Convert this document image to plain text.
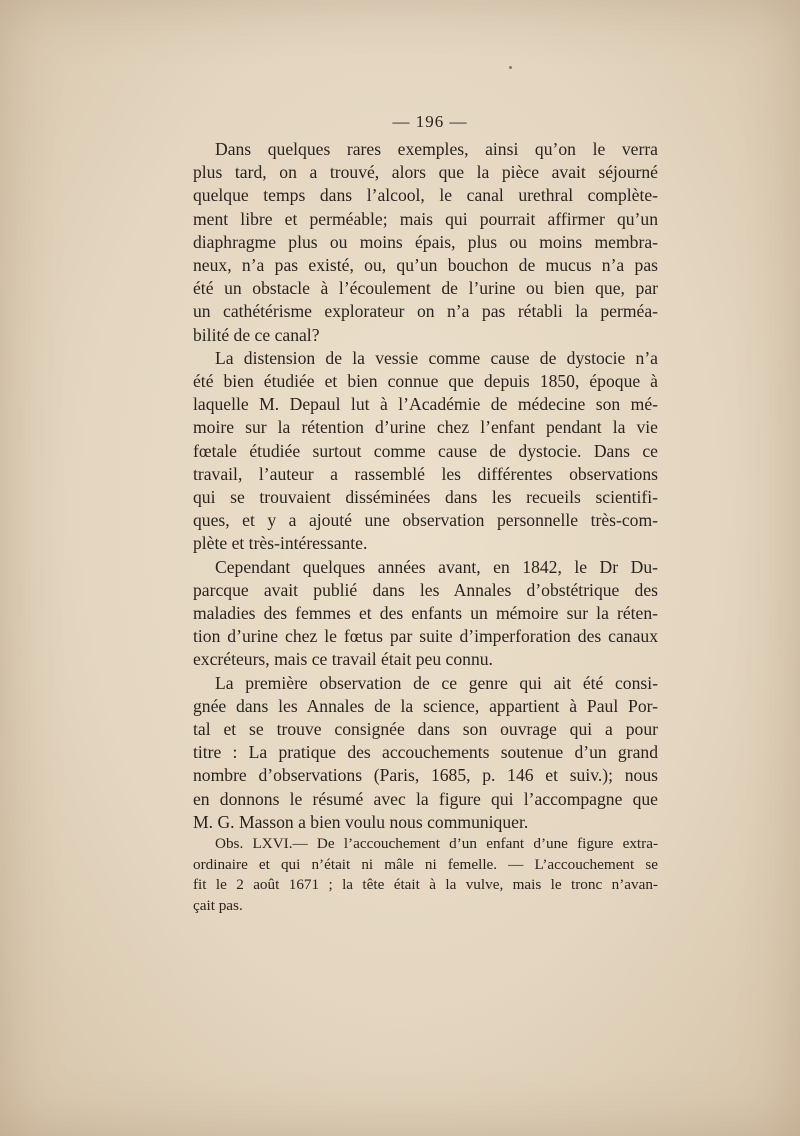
— 196 —

Dans quelques rares exemples, ainsi qu’on le verra
plus tard, on a trouvé, alors que la pièce avait séjourné
quelque temps dans l’alcool, le canal urethral complète-
ment libre et perméable; mais qui pourrait affirmer qu’un
diaphragme plus ou moins épais, plus ou moins membra-
neux, n’a pas existé, ou, qu’un bouchon de mucus n’a pas
été un obstacle à l’écoulement de l’urine ou bien que, par
un cathétérisme explorateur on n’a pas rétabli la perméa-
bilité de ce canal?

La distension de la vessie comme cause de dystocie n’a
été bien étudiée et bien connue que depuis 1850, époque à
laquelle M. Depaul lut à l’Académie de médecine son mé-
moire sur la rétention d’urine chez l’enfant pendant la vie
fœtale étudiée surtout comme cause de dystocie. Dans ce
travail, l’auteur a rassemblé les différentes observations
qui se trouvaient disséminées dans les recueils scientifi-
ques, et y a ajouté une observation personnelle très-com-
plète et très-intéressante.

Cependant quelques années avant, en 1842, le Dr Du-
parcque avait publié dans les Annales d’obstétrique des
maladies des femmes et des enfants un mémoire sur la réten-
tion d’urine chez le fœtus par suite d’imperforation des canaux
excréteurs, mais ce travail était peu connu.

La première observation de ce genre qui ait été consi-
gnée dans les Annales de la science, appartient à Paul Por-
tal et se trouve consignée dans son ouvrage qui a pour
titre : La pratique des accouchements soutenue d’un grand
nombre d’observations (Paris, 1685, p. 146 et suiv.); nous
en donnons le résumé avec la figure qui l’accompagne que
M. G. Masson a bien voulu nous communiquer.

Obs. LXVI.— De l’accouchement d’un enfant d’une figure extra-
ordinaire et qui n’était ni mâle ni femelle. — L’accouchement se
fit le 2 août 1671 ; la tête était à la vulve, mais le tronc n’avan-
çait pas.
